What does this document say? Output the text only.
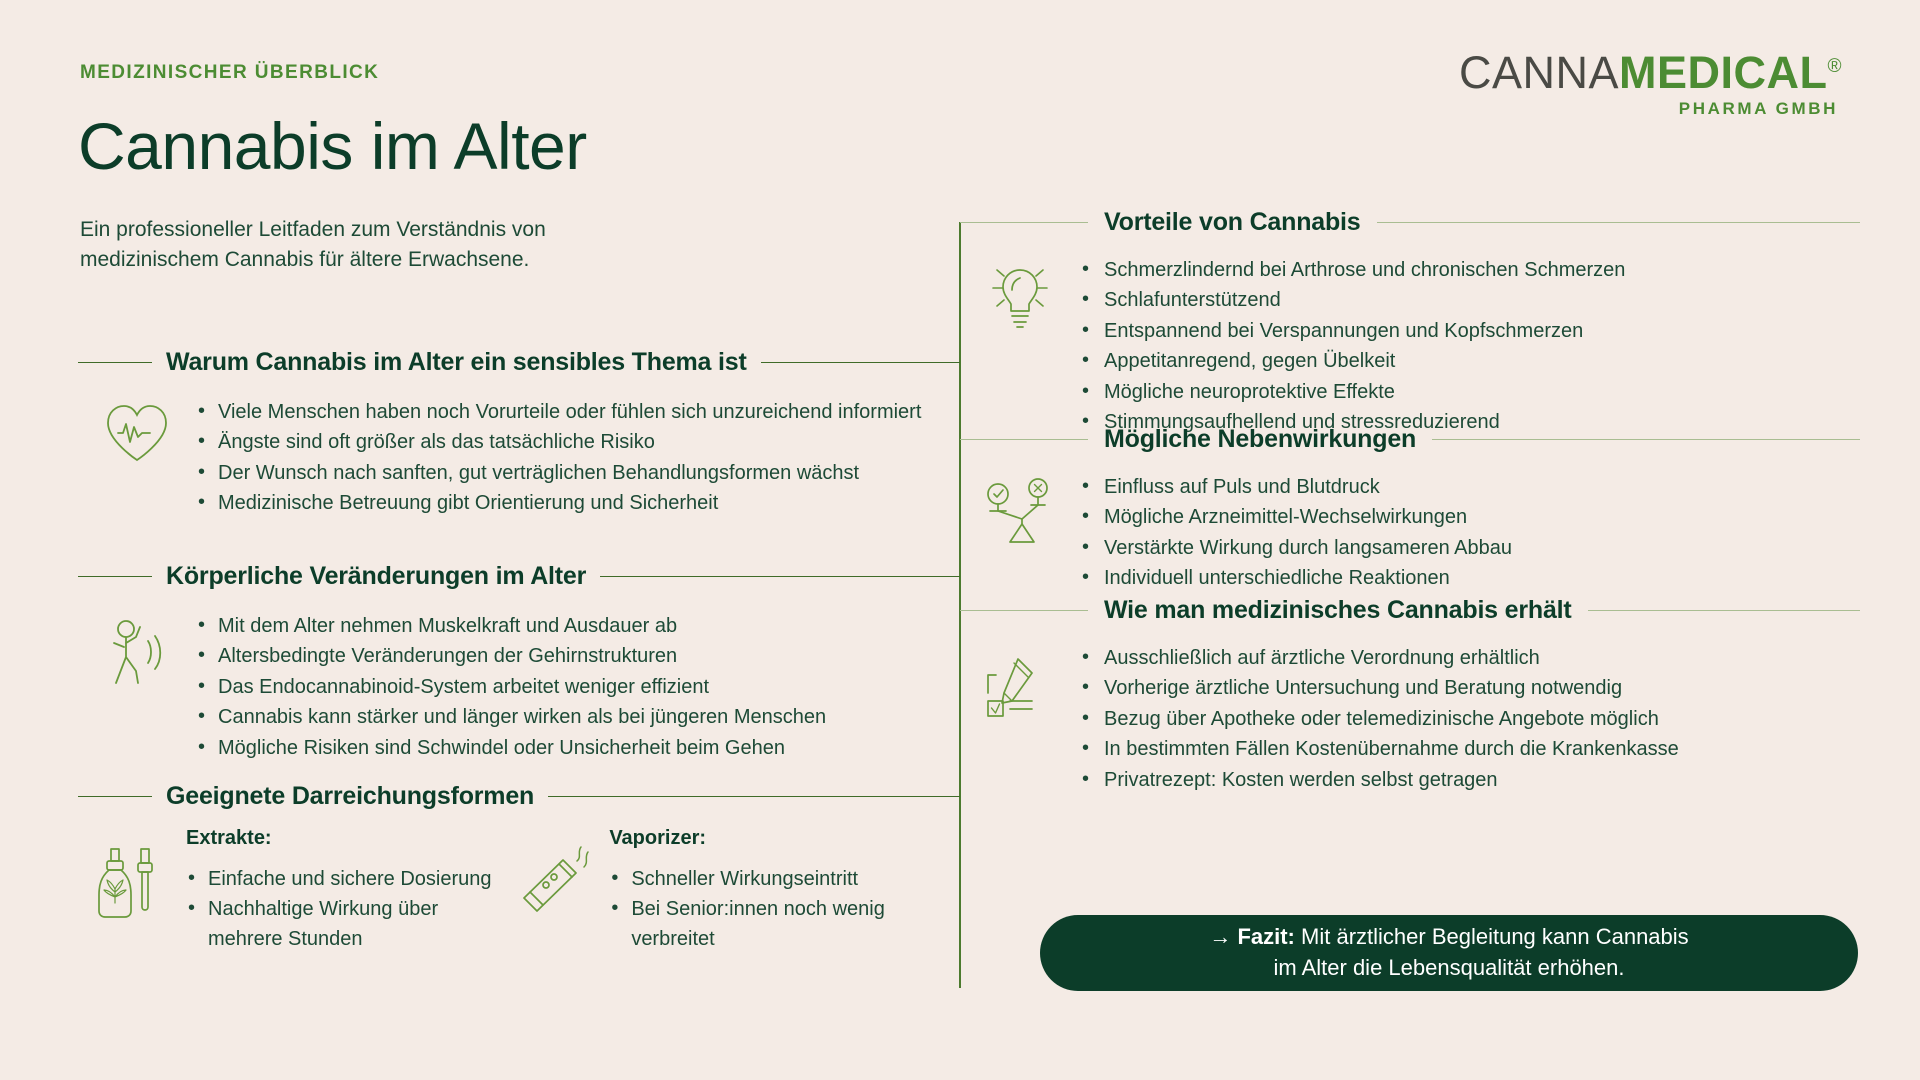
MEDIZINISCHER ÜBERBLICK
Cannabis im Alter

Ein professioneller Leitfaden zum Verständnis von medizinischem Cannabis für ältere Erwachsene.

CANNAMEDICAL®
PHARMA GMBH
Warum Cannabis im Alter ein sensibles Thema ist
• Viele Menschen haben noch Vorurteile oder fühlen sich unzureichend informiert
• Ängste sind oft größer als das tatsächliche Risiko
• Der Wunsch nach sanften, gut verträglichen Behandlungsformen wächst
• Medizinische Betreuung gibt Orientierung und Sicherheit
Körperliche Veränderungen im Alter
• Mit dem Alter nehmen Muskelkraft und Ausdauer ab
• Altersbedingte Veränderungen der Gehirnstrukturen
• Das Endocannabinoid-System arbeitet weniger effizient
• Cannabis kann stärker und länger wirken als bei jüngeren Menschen
• Mögliche Risiken sind Schwindel oder Unsicherheit beim Gehen
Geeignete Darreichungsformen
Extrakte:
• Einfache und sichere Dosierung
• Nachhaltige Wirkung über mehrere Stunden
Vaporizer:
• Schneller Wirkungseintritt
• Bei Senior:innen noch wenig verbreitet
Vorteile von Cannabis
• Schmerzlindernd bei Arthrose und chronischen Schmerzen
• Schlafunterstützend
• Entspannend bei Verspannungen und Kopfschmerzen
• Appetitanregend, gegen Übelkeit
• Mögliche neuroprotektive Effekte
• Stimmungsaufhellend und stressreduzierend
Mögliche Nebenwirkungen
• Einfluss auf Puls und Blutdruck
• Mögliche Arzneimittel-Wechselwirkungen
• Verstärkte Wirkung durch langsameren Abbau
• Individuell unterschiedliche Reaktionen
Wie man medizinisches Cannabis erhält
• Ausschließlich auf ärztliche Verordnung erhältlich
• Vorherige ärztliche Untersuchung und Beratung notwendig
• Bezug über Apotheke oder telemedizinische Angebote möglich
• In bestimmten Fällen Kostenübernahme durch die Krankenkasse
• Privatrezept: Kosten werden selbst getragen
→ Fazit: Mit ärztlicher Begleitung kann Cannabis
im Alter die Lebensqualität erhöhen.
